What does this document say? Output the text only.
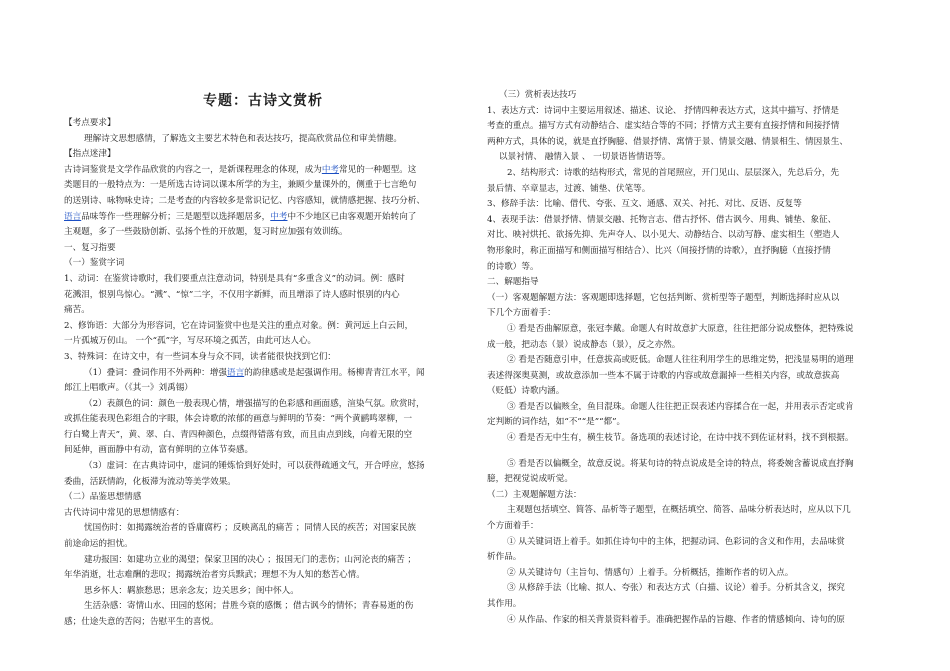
专题：古诗文赏析
【考点要求】
理解诗文思想感情，了解选文主要艺术特色和表达技巧，提高欣赏品位和审美情趣。
【指点迷津】
古诗词鉴赏是文学作品欣赏的内容之一，是新课程理念的体现，成为中考常见的一种题型。这
类题目的一般特点为：一是所选古诗词以课本所学的为主，兼顾少量课外的，侧重于七言绝句
的送别诗、咏物咏史诗；二是考查的内容较多是常识记忆、内容感知，就情感把握、技巧分析、
语言品味等作一些理解分析；三是题型以选择题居多，中考中不少地区已由客观题开始转向了
主观题，多了一些鼓励创新、弘扬个性的开放题，复习时应加强有效训练。
一、复习指要
（一）鉴赏字词
1、动词：在鉴赏诗歌时，我们要重点注意动词，特别是具有“多重含义”的动词。例：感时
花溅泪，恨别鸟惊心。“溅”、“惊”二字，不仅用字新鲜，而且增添了诗人感时恨别的内心
痛苦。
2、修饰语：大部分为形容词，它在诗词鉴赏中也是关注的重点对象。例：黄河远上白云间，
一片孤城万仞山。 一个“孤”字，写尽环境之孤苦，由此可达人心。
3、特殊词：在诗文中，有一些词本身与众不同，读者能很快找到它们：
（1）叠词：叠词作用不外两种：增强语言的韵律感或是起强调作用。杨柳青青江水平，闻
郎江上唱歌声。（《其一》刘禹锡）
（2）表颜色的词：颜色一般表现心情，增强描写的色彩感和画面感，渲染气氛。欣赏时，
或抓住能表现色彩组合的字眼，体会诗歌的浓郁的画意与鲜明的节奏：“两个黄鹂鸣翠柳，一
行白鹭上青天”，黄、翠、白、青四种颜色，点缀得错落有致，而且由点到线，向着无限的空
间延伸，画面静中有动，富有鲜明的立体节奏感。
（3）虚词：在古典诗词中，虚词的锤炼恰到好处时，可以获得疏通文气，开合呼应，悠扬
委曲，活跃情韵，化板滞为流动等美学效果。
（二）品鉴思想情感
古代诗词中常见的思想情感有：
忧国伤时：如揭露统治者的昏庸腐朽 ；反映离乱的痛苦 ；同情人民的疾苦；对国家民族
前途命运的担忧。
建功报国：如建功立业的渴望；保家卫国的决心 ；报国无门的悲伤；山河沦丧的痛苦 ；
年华消逝，壮志难酬的悲叹；揭露统治者穷兵黩武；理想不为人知的愁苦心情。
思乡怀人：羁旅愁思；思亲念友；边关思乡；闺中怀人。
生活杂感：寄情山水、田园的悠闲；昔胜今衰的感慨 ；借古讽今的情怀；青春易逝的伤
感；仕途失意的苦闷；告慰平生的喜悦。
（三）赏析表达技巧
1、表达方式：诗词中主要运用叙述、描述、议论、 抒情四种表达方式，这其中描写、抒情是
考查的重点。描写方式有动静结合、虚实结合等的不同；抒情方式主要有直接抒情和间接抒情
两种方式，具体的说，就是直抒胸臆、借景抒情、寓情于景、情景交融、情景相生、情因景生、
以景衬情、 融情入景 、 一切景语皆情语等。
2、结构形式：诗歌的结构形式，常见的首尾照应，开门见山、层层深入，先总后分，先
景后情、卒章显志，过渡、铺垫、伏笔等。
3、修辞手法：比喻、借代、夸张、互文、通感、双关、衬托、对比、反语、反复等
4、表现手法：借景抒情、情景交融、托物言志、借古抒怀、借古讽今、用典、铺垫、象征、
对比、映衬烘托、欲扬先抑、先声夺人、以小见大、动静结合、以动写静、虚实相生（塑造人
物形象时，称正面描写和侧面描写相结合）、比兴（间接抒情的诗歌），直抒胸臆（直接抒情
的诗歌）等。
二、解题指导
（一）客观题解题方法：客观题即选择题，它包括判断、赏析型等子题型，判断选择时应从以
下几个方面着手：
① 看是否曲解原意，张冠李戴。命题人有时故意扩大原意，往往把部分说成整体，把特殊说
成一般，把动态（景）说成静态（景），反之亦然。
② 看是否随意引申，任意拔高或贬低。命题人往往利用学生的思维定势，把浅显易明的道理
表述得深奥莫测，或故意添加一些本不属于诗歌的内容或故意漏掉一些相关内容，或故意拔高
（贬低）诗歌内涵。
③ 看是否以偏赅全，鱼目混珠。命题人往往把正误表述内容揉合在一起，并用表示否定或肯
定判断的词作结，如“不”“是”“都”。
④ 看是否无中生有，横生枝节。备选项的表述讨论，在诗中找不到佐证材料，找不到根据。
⑤ 看是否以偏概全，故意反说。将某句诗的特点说成是全诗的特点，将委婉含蓄说成直抒胸
臆，把视觉说成听觉。
（二）主观题解题方法：
主观题包括填空、简答、品析等子题型，在概括填空、简答、品味分析表达时，应从以下几
个方面着手：
① 从关键词语上着手。如抓住诗句中的主体，把握动词、色彩词的含义和作用，去品味赏
析作品。
② 从关键诗句（主旨句、情感句）上着手。分析概括，推断作者的切入点。
③ 从修辞手法（比喻、拟人、夸张）和表达方式（白描、议论）着手。分析其含义，探究
其作用。
④ 从作品、作家的相关背景资料着手。准确把握作品的旨趣、作者的情感倾向、诗句的原
